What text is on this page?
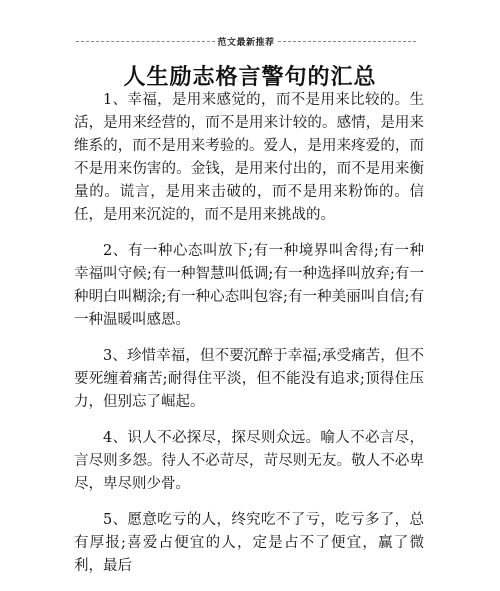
范文最新推荐
人生励志格言警句的汇总

1、幸福，是用来感觉的，而不是用来比较的。生活，是用来经营的，而不是用来计较的。感情，是用来维系的，而不是用来考验的。爱人，是用来疼爱的，而不是用来伤害的。金钱，是用来付出的，而不是用来衡量的。谎言，是用来击破的，而不是用来粉饰的。信任，是用来沉淀的，而不是用来挑战的。

2、有一种心态叫放下;有一种境界叫舍得;有一种幸福叫守候;有一种智慧叫低调;有一种选择叫放弃;有一种明白叫糊涂;有一种心态叫包容;有一种美丽叫自信;有一种温暖叫感恩。

3、珍惜幸福，但不要沉醉于幸福;承受痛苦，但不要死缠着痛苦;耐得住平淡，但不能没有追求;顶得住压力，但别忘了崛起。

4、识人不必探尽，探尽则众远。喻人不必言尽，言尽则多怨。待人不必苛尽，苛尽则无友。敬人不必卑尽，卑尽则少骨。

5、愿意吃亏的人，终究吃不了亏，吃亏多了，总有厚报;喜爱占便宜的人，定是占不了便宜，赢了微利，最后
